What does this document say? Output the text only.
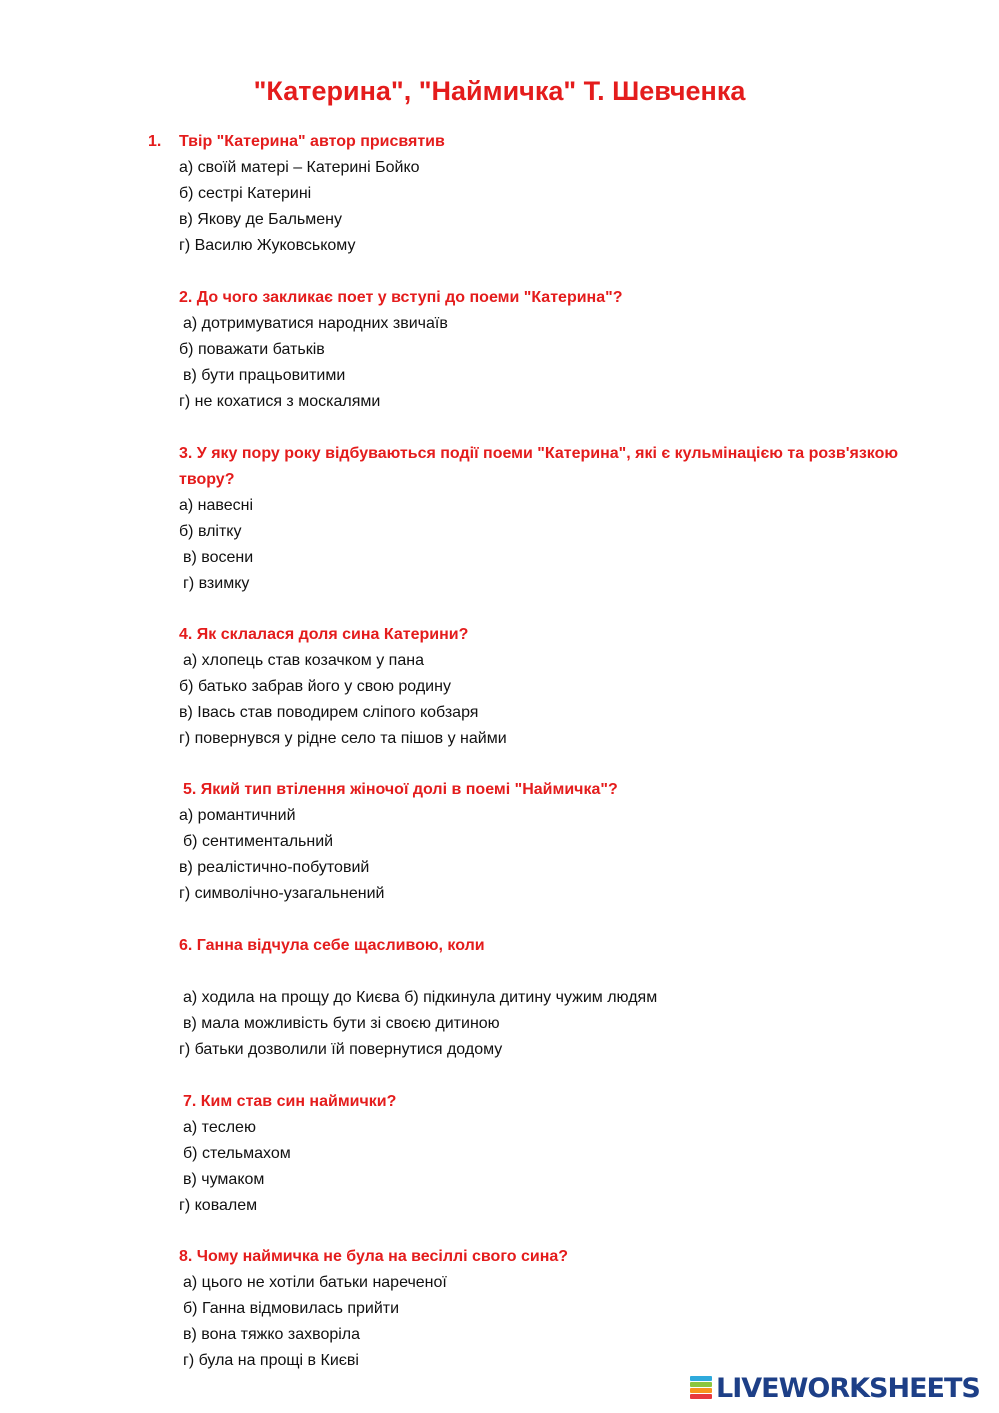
"Катерина", "Наймичка" Т. Шевченка
1. Твір "Катерина" автор присвятив
а) своїй матері – Катерині Бойко
б) сестрі Катерині
в) Якову де Бальмену
г) Василю Жуковському
2. До чого закликає поет у вступі до поеми "Катерина"?
а) дотримуватися народних звичаїв
б) поважати батьків
в) бути працьовитими
г) не кохатися з москалями
3. У яку пору року відбуваються події поеми "Катерина", які є кульмінацією та розв'язкою
твору?
а) навесні
б) влітку
в) восени
г) взимку
4. Як склалася доля сина Катерини?
а) хлопець став козачком у пана
б) батько забрав його у свою родину
в) Івась став поводирем сліпого кобзаря
г) повернувся у рідне село та пішов у найми
5. Який тип втілення жіночої долі в поемі "Наймичка"?
а) романтичний
б) сентиментальний
в) реалістично-побутовий
г) символічно-узагальнений
6. Ганна відчула себе щасливою, коли
а) ходила на прощу до Києва б) підкинула дитину чужим людям
в) мала можливість бути зі своєю дитиною
г) батьки дозволили їй повернутися додому
7. Ким став син наймички?
а) теслею
б) стельмахом
в) чумаком
г) ковалем
8. Чому наймичка не була на весіллі свого сина?
а) цього не хотіли батьки нареченої
б) Ганна відмовилась прийти
в) вона тяжко захворіла
г) була на прощі в Києві
LIVEWORKSHEETS
